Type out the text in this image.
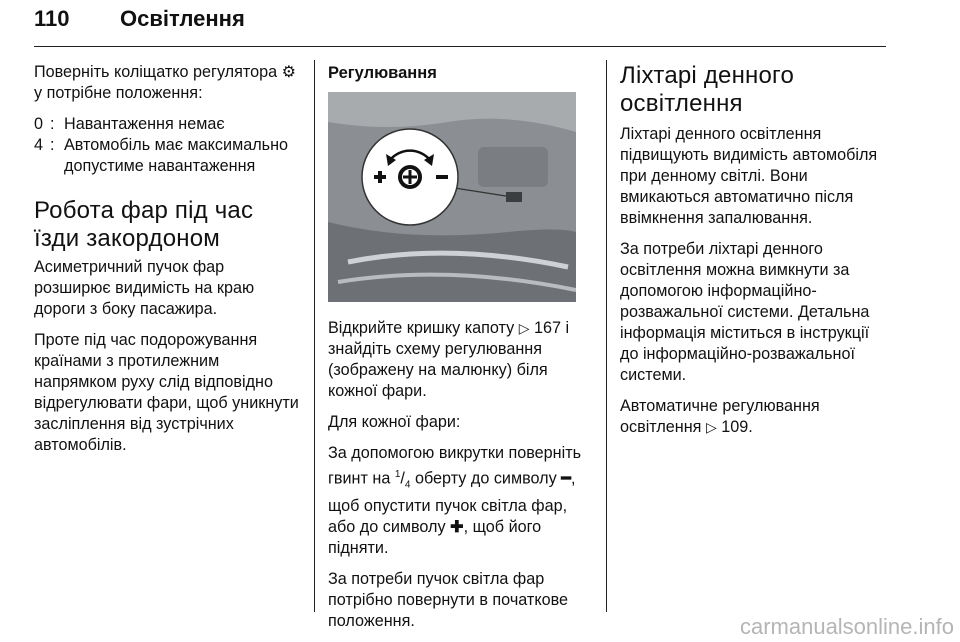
110 Освітлення

Поверніть коліщатко регулятора ⚙ у потрібне положення:

0 : Навантаження немає
4 : Автомобіль має максимально допустиме навантаження
Робота фар під час їзди закордоном

Асиметричний пучок фар розширює видимість на краю дороги з боку пасажира.

Проте під час подорожування країнами з протилежним напрямком руху слід відповідно відрегулювати фари, щоб уникнути засліплення від зустрічних автомобілів.

Регулювання

Відкрийте кришку капоту ▷ 167 і знайдіть схему регулювання (зображену на малюнку) біля кожної фари.

Для кожної фари:

За допомогою викрутки поверніть гвинт на $^1/_4$ оберту до символу ━, щоб опустити пучок світла фар, або до символу ✚, щоб його підняти.

За потреби пучок світла фар потрібно повернути в початкове положення.

Ліхтарі денного освітлення

Ліхтарі денного освітлення підвищують видимість автомобіля при денному світлі. Вони вмикаються автоматично після ввімкнення запалювання.

За потреби ліхтарі денного освітлення можна вимкнути за допомогою інформаційно-розважальної системи. Детальна інформація міститься в інструкції до інформаційно-розважальної системи.

Автоматичне регулювання освітлення ▷ 109.

carmanualsonline.info
